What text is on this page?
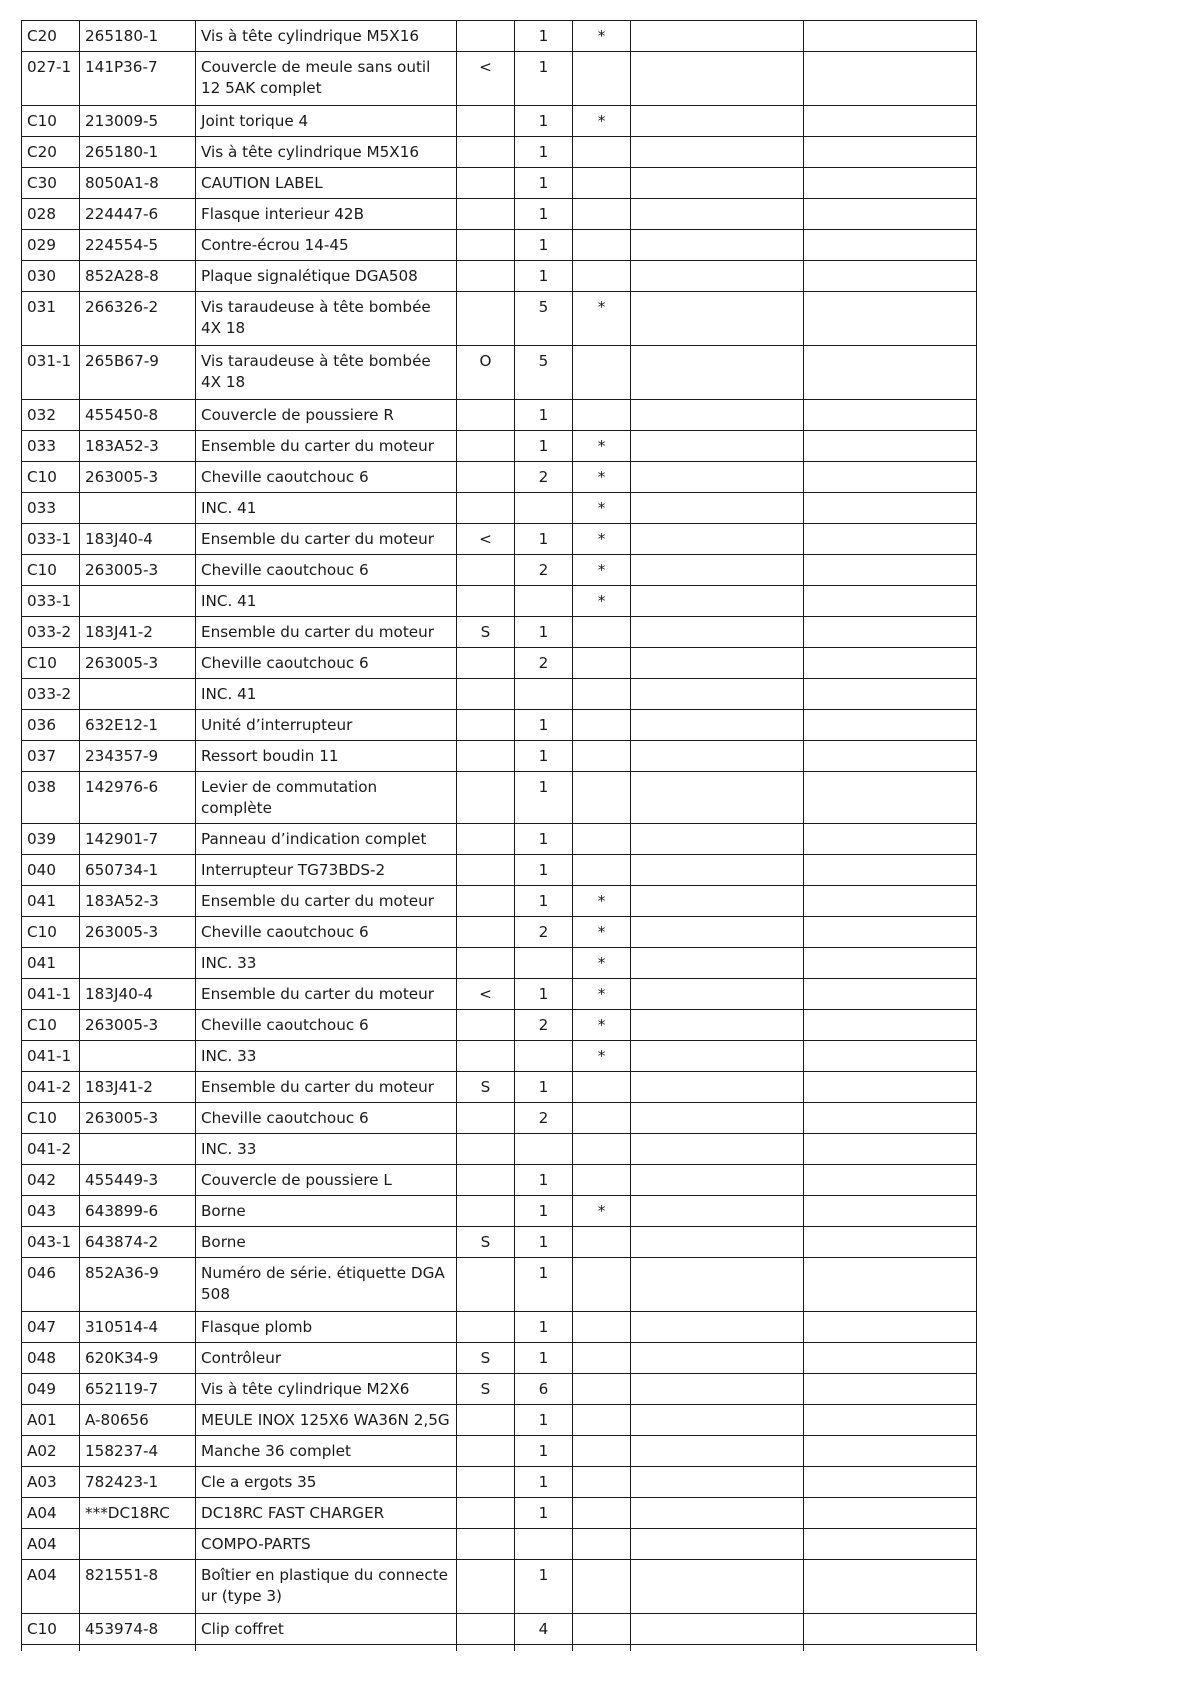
C20	265180-1	Vis à tête cylindrique M5X16		1	*		
027-1	141P36-7	Couvercle de meule sans outil 12 5AK complet	<	1			
C10	213009-5	Joint torique 4		1	*		
C20	265180-1	Vis à tête cylindrique M5X16		1			
C30	8050A1-8	CAUTION LABEL		1			
028	224447-6	Flasque interieur 42B		1			
029	224554-5	Contre-écrou 14-45		1			
030	852A28-8	Plaque signalétique DGA508		1			
031	266326-2	Vis taraudeuse à tête bombée 4X 18		5	*		
031-1	265B67-9	Vis taraudeuse à tête bombée 4X 18	O	5			
032	455450-8	Couvercle de poussiere R		1			
033	183A52-3	Ensemble du carter du moteur		1	*		
C10	263005-3	Cheville caoutchouc 6		2	*		
033		INC. 41			*		
033-1	183J40-4	Ensemble du carter du moteur	<	1	*		
C10	263005-3	Cheville caoutchouc 6		2	*		
033-1		INC. 41			*		
033-2	183J41-2	Ensemble du carter du moteur	S	1			
C10	263005-3	Cheville caoutchouc 6		2			
033-2		INC. 41					
036	632E12-1	Unité d’interrupteur		1			
037	234357-9	Ressort boudin 11		1			
038	142976-6	Levier de commutation complète		1			
039	142901-7	Panneau d’indication complet		1			
040	650734-1	Interrupteur TG73BDS-2		1			
041	183A52-3	Ensemble du carter du moteur		1	*		
C10	263005-3	Cheville caoutchouc 6		2	*		
041		INC. 33			*		
041-1	183J40-4	Ensemble du carter du moteur	<	1	*		
C10	263005-3	Cheville caoutchouc 6		2	*		
041-1		INC. 33			*		
041-2	183J41-2	Ensemble du carter du moteur	S	1			
C10	263005-3	Cheville caoutchouc 6		2			
041-2		INC. 33					
042	455449-3	Couvercle de poussiere L		1			
043	643899-6	Borne		1	*		
043-1	643874-2	Borne	S	1			
046	852A36-9	Numéro de série. étiquette DGA 508		1			
047	310514-4	Flasque plomb		1			
048	620K34-9	Contrôleur	S	1			
049	652119-7	Vis à tête cylindrique M2X6	S	6			
A01	A-80656	MEULE INOX 125X6 WA36N 2,5G		1			
A02	158237-4	Manche 36 complet		1			
A03	782423-1	Cle a ergots 35		1			
A04	***DC18RC	DC18RC FAST CHARGER		1			
A04		COMPO-PARTS					
A04	821551-8	Boîtier en plastique du connecte ur (type 3)		1			
C10	453974-8	Clip coffret		4			
